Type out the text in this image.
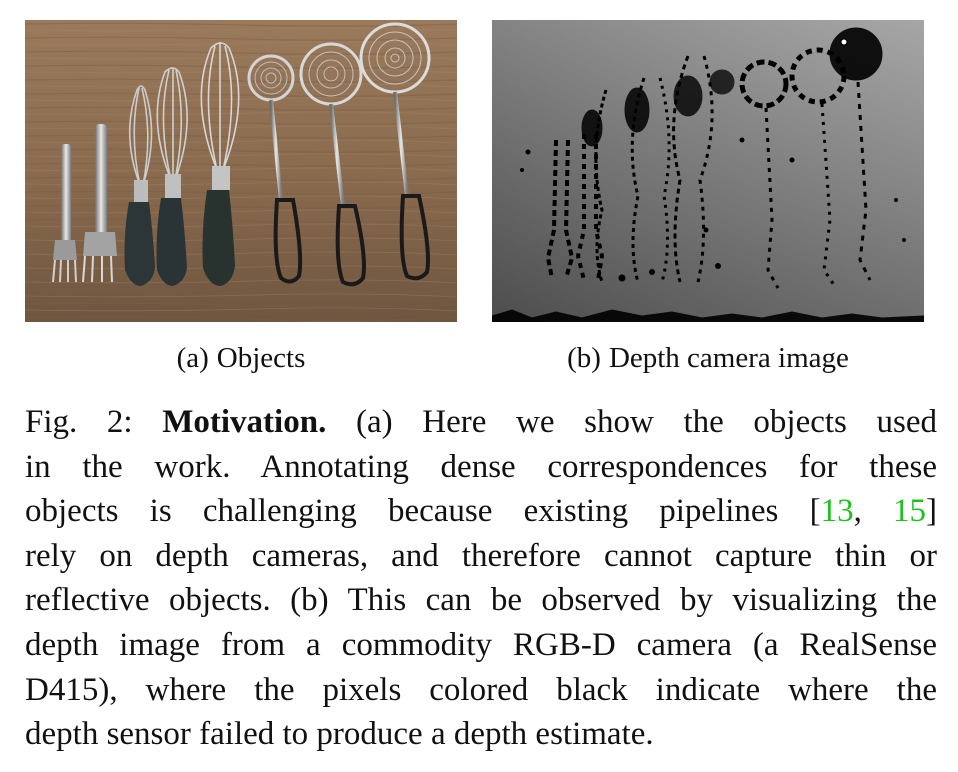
(a) Objects	(b) Depth camera image
Fig. 2: Motivation. (a) Here we show the objects used
in the work. Annotating dense correspondences for these
objects is challenging because existing pipelines [13, 15]
rely on depth cameras, and therefore cannot capture thin or
reflective objects. (b) This can be observed by visualizing the
depth image from a commodity RGB-D camera (a RealSense
D415), where the pixels colored black indicate where the
depth sensor failed to produce a depth estimate.
